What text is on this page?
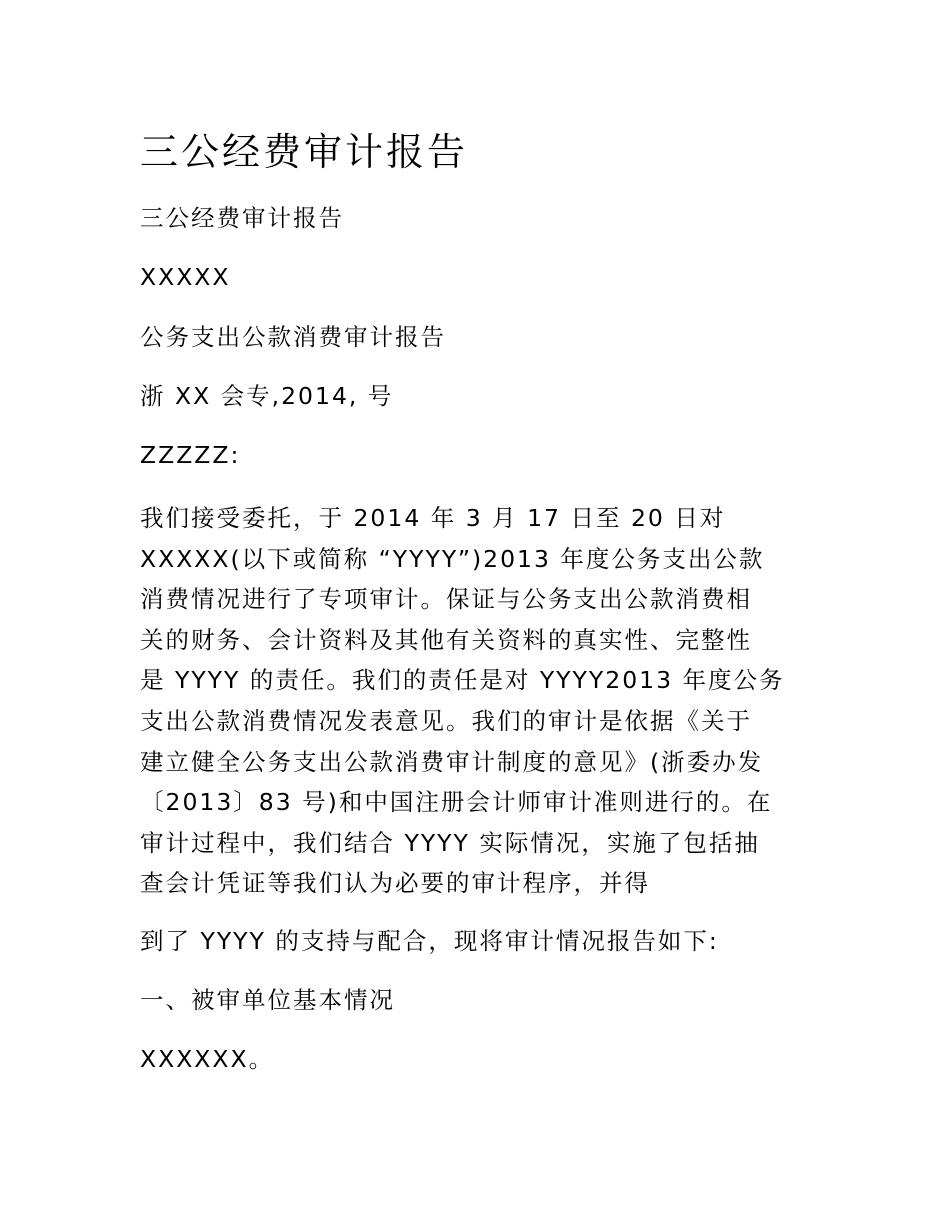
三公经费审计报告

三公经费审计报告

XXXXX

公务支出公款消费审计报告

浙 XX 会专,2014, 号

ZZZZZ:

我们接受委托，于 2014 年 3 月 17 日至 20 日对
XXXXX(以下或简称 “YYYY”)2013 年度公务支出公款
消费情况进行了专项审计。保证与公务支出公款消费相
关的财务、会计资料及其他有关资料的真实性、完整性
是 YYYY 的责任。我们的责任是对 YYYY2013 年度公务
支出公款消费情况发表意见。我们的审计是依据《关于
建立健全公务支出公款消费审计制度的意见》(浙委办发
〔2013〕83 号)和中国注册会计师审计准则进行的。在
审计过程中，我们结合 YYYY 实际情况，实施了包括抽
查会计凭证等我们认为必要的审计程序，并得

到了 YYYY 的支持与配合，现将审计情况报告如下:

一、被审单位基本情况

XXXXXX。
